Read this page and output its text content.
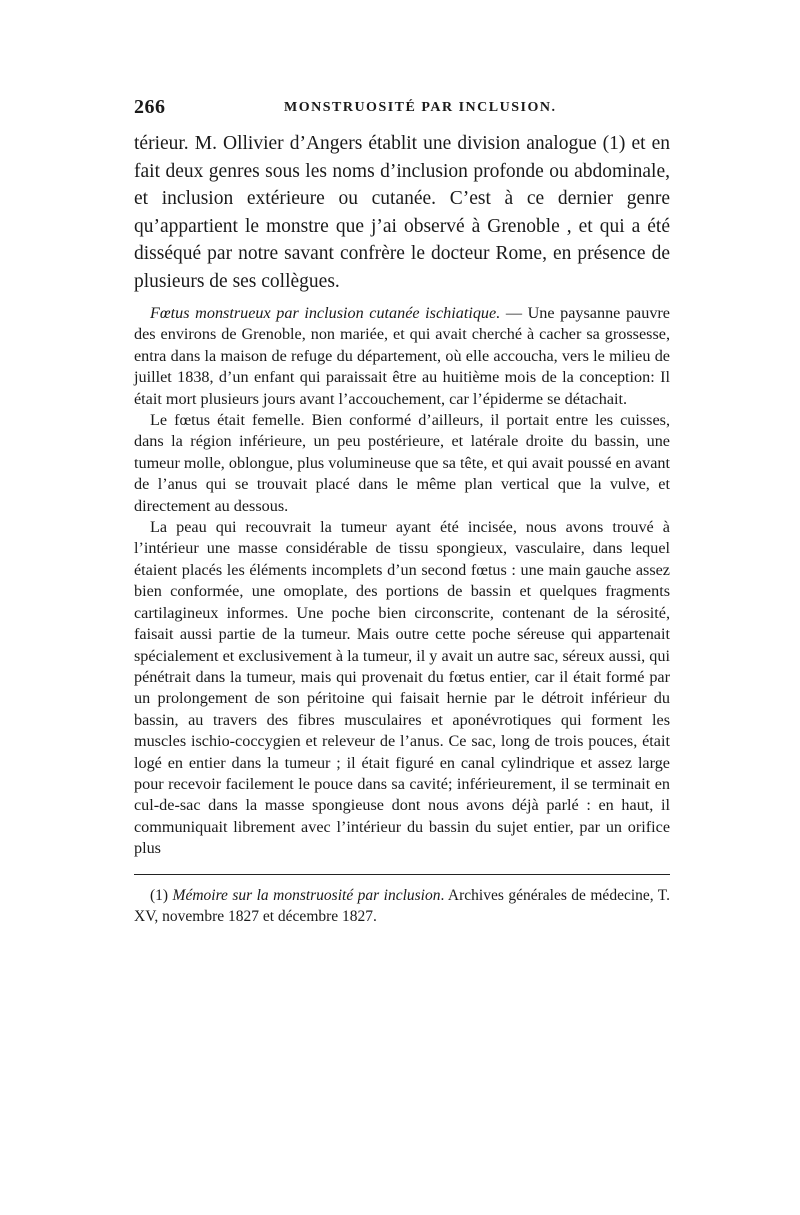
266	MONSTRUOSITÉ PAR INCLUSION.

térieur. M. Ollivier d’Angers établit une division analogue (1) et en fait deux genres sous les noms d’inclusion profonde ou abdominale, et inclusion extérieure ou cutanée. C’est à ce dernier genre qu’appartient le monstre que j’ai observé à Grenoble , et qui a été disséqué par notre savant confrère le docteur Rome, en présence de plusieurs de ses collègues.

Fœtus monstrueux par inclusion cutanée ischiatique. — Une paysanne pauvre des environs de Grenoble, non mariée, et qui avait cherché à cacher sa grossesse, entra dans la maison de refuge du département, où elle accoucha, vers le milieu de juillet 1838, d’un enfant qui paraissait être au huitième mois de la conception: Il était mort plusieurs jours avant l’accouchement, car l’épiderme se détachait.

Le fœtus était femelle. Bien conformé d’ailleurs, il portait entre les cuisses, dans la région inférieure, un peu postérieure, et latérale droite du bassin, une tumeur molle, oblongue, plus volumineuse que sa tête, et qui avait poussé en avant de l’anus qui se trouvait placé dans le même plan vertical que la vulve, et directement au dessous.

La peau qui recouvrait la tumeur ayant été incisée, nous avons trouvé à l’intérieur une masse considérable de tissu spongieux, vasculaire, dans lequel étaient placés les éléments incomplets d’un second fœtus : une main gauche assez bien conformée, une omoplate, des portions de bassin et quelques fragments cartilagineux informes. Une poche bien circonscrite, contenant de la sérosité, faisait aussi partie de la tumeur. Mais outre cette poche séreuse qui appartenait spécialement et exclusivement à la tumeur, il y avait un autre sac, séreux aussi, qui pénétrait dans la tumeur, mais qui provenait du fœtus entier, car il était formé par un prolongement de son péritoine qui faisait hernie par le détroit inférieur du bassin, au travers des fibres musculaires et aponévrotiques qui forment les muscles ischio-coccygien et releveur de l’anus. Ce sac, long de trois pouces, était logé en entier dans la tumeur ; il était figuré en canal cylindrique et assez large pour recevoir facilement le pouce dans sa cavité; inférieurement, il se terminait en cul-de-sac dans la masse spongieuse dont nous avons déjà parlé : en haut, il communiquait librement avec l’intérieur du bassin du sujet entier, par un orifice plus

(1) Mémoire sur la monstruosité par inclusion. Archives générales de médecine, T. XV, novembre 1827 et décembre 1827.
